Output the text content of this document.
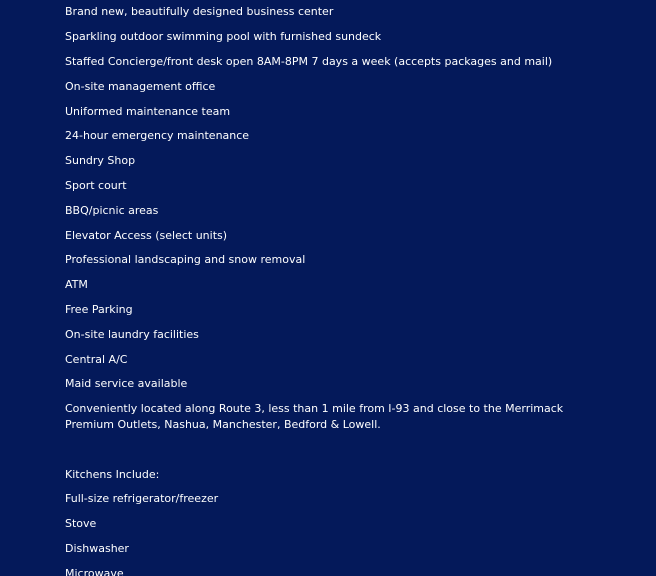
Brand new, beautifully designed business center
Sparkling outdoor swimming pool with furnished sundeck
Staffed Concierge/front desk open 8AM-8PM 7 days a week (accepts packages and mail)
On-site management office
Uniformed maintenance team
24-hour emergency maintenance
Sundry Shop
Sport court
BBQ/picnic areas
Elevator Access (select units)
Professional landscaping and snow removal
ATM
Free Parking
On-site laundry facilities
Central A/C
Maid service available
Conveniently located along Route 3, less than 1 mile from I-93 and close to the Merrimack Premium Outlets, Nashua, Manchester, Bedford & Lowell.
Kitchens Include:
Full-size refrigerator/freezer
Stove
Dishwasher
Microwave
